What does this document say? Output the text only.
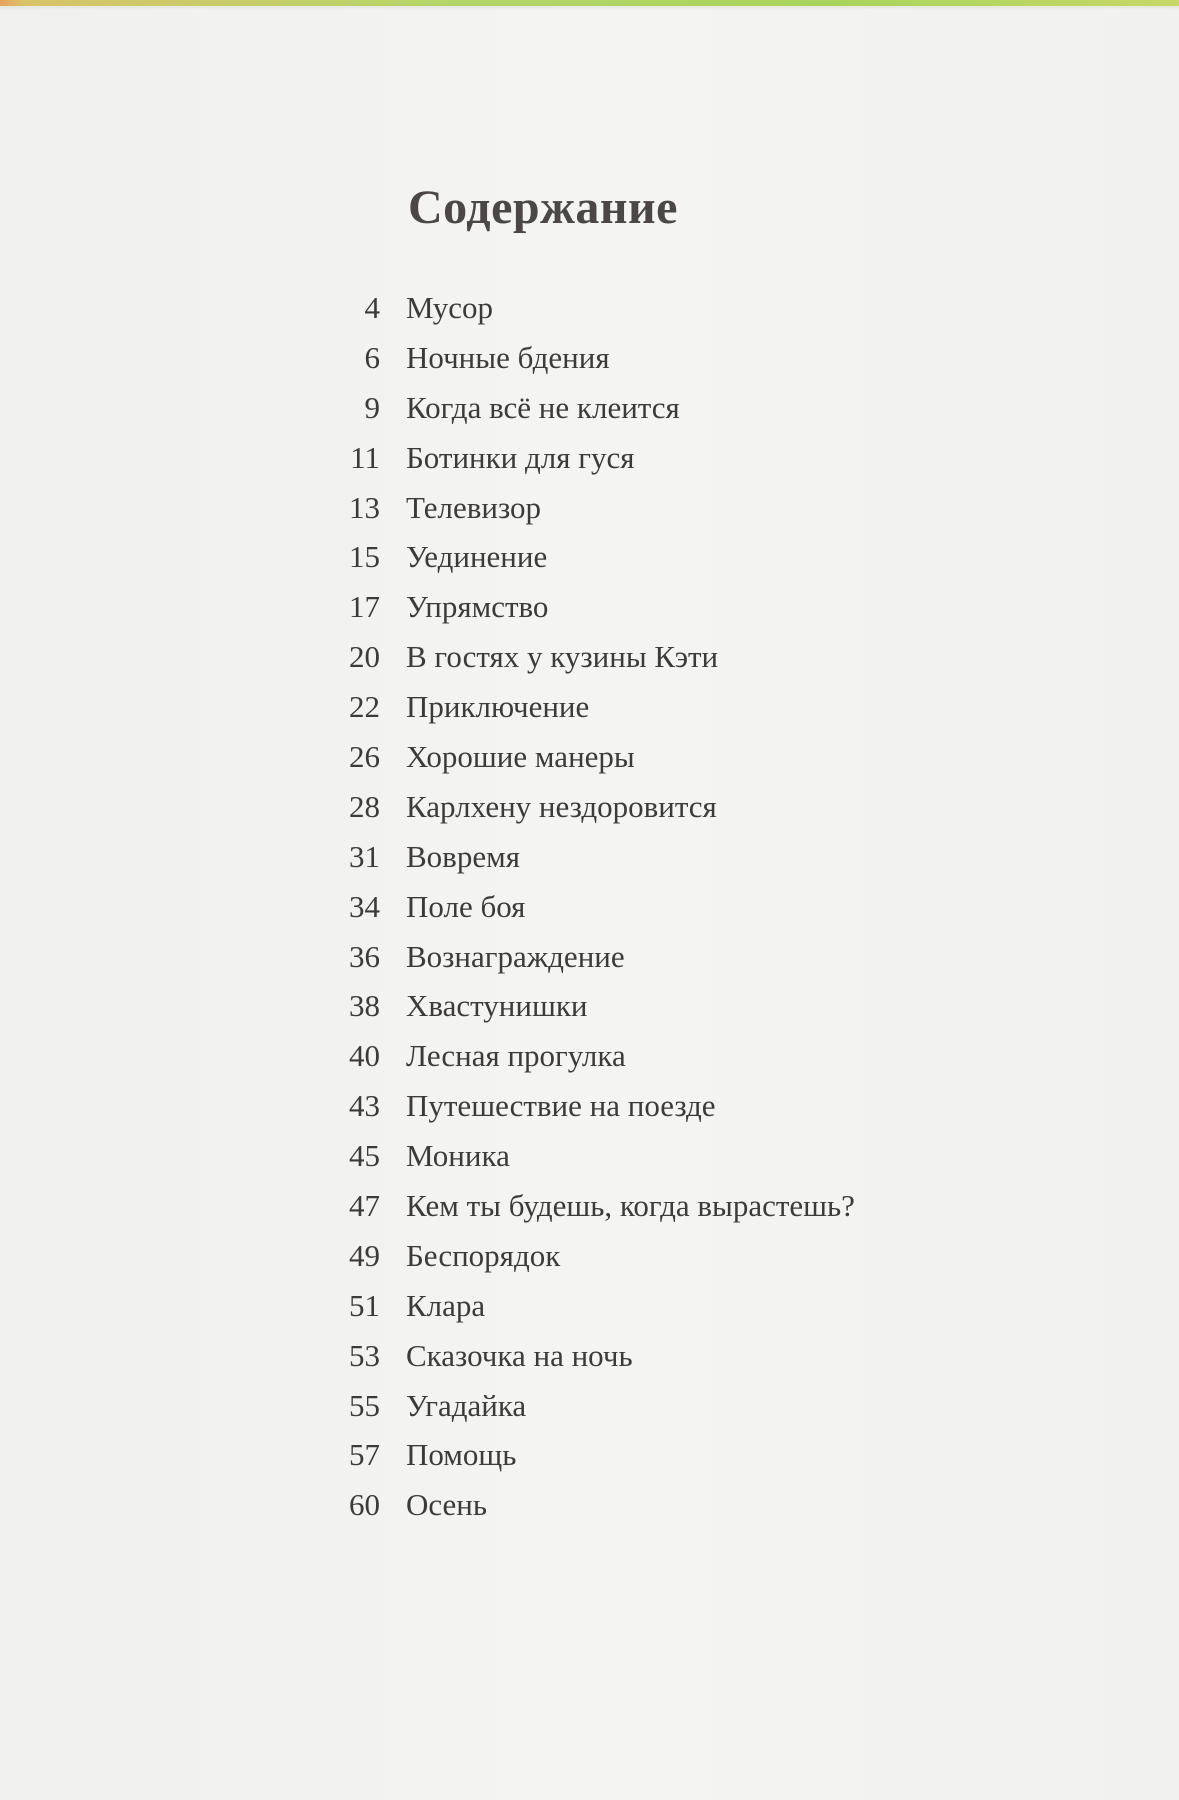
Содержание
4 Мусор
6 Ночные бдения
9 Когда всё не клеится
11 Ботинки для гуся
13 Телевизор
15 Уединение
17 Упрямство
20 В гостях у кузины Кэти
22 Приключение
26 Хорошие манеры
28 Карлхену нездоровится
31 Вовремя
34 Поле боя
36 Вознаграждение
38 Хвастунишки
40 Лесная прогулка
43 Путешествие на поезде
45 Моника
47 Кем ты будешь, когда вырастешь?
49 Беспорядок
51 Клара
53 Сказочка на ночь
55 Угадайка
57 Помощь
60 Осень
